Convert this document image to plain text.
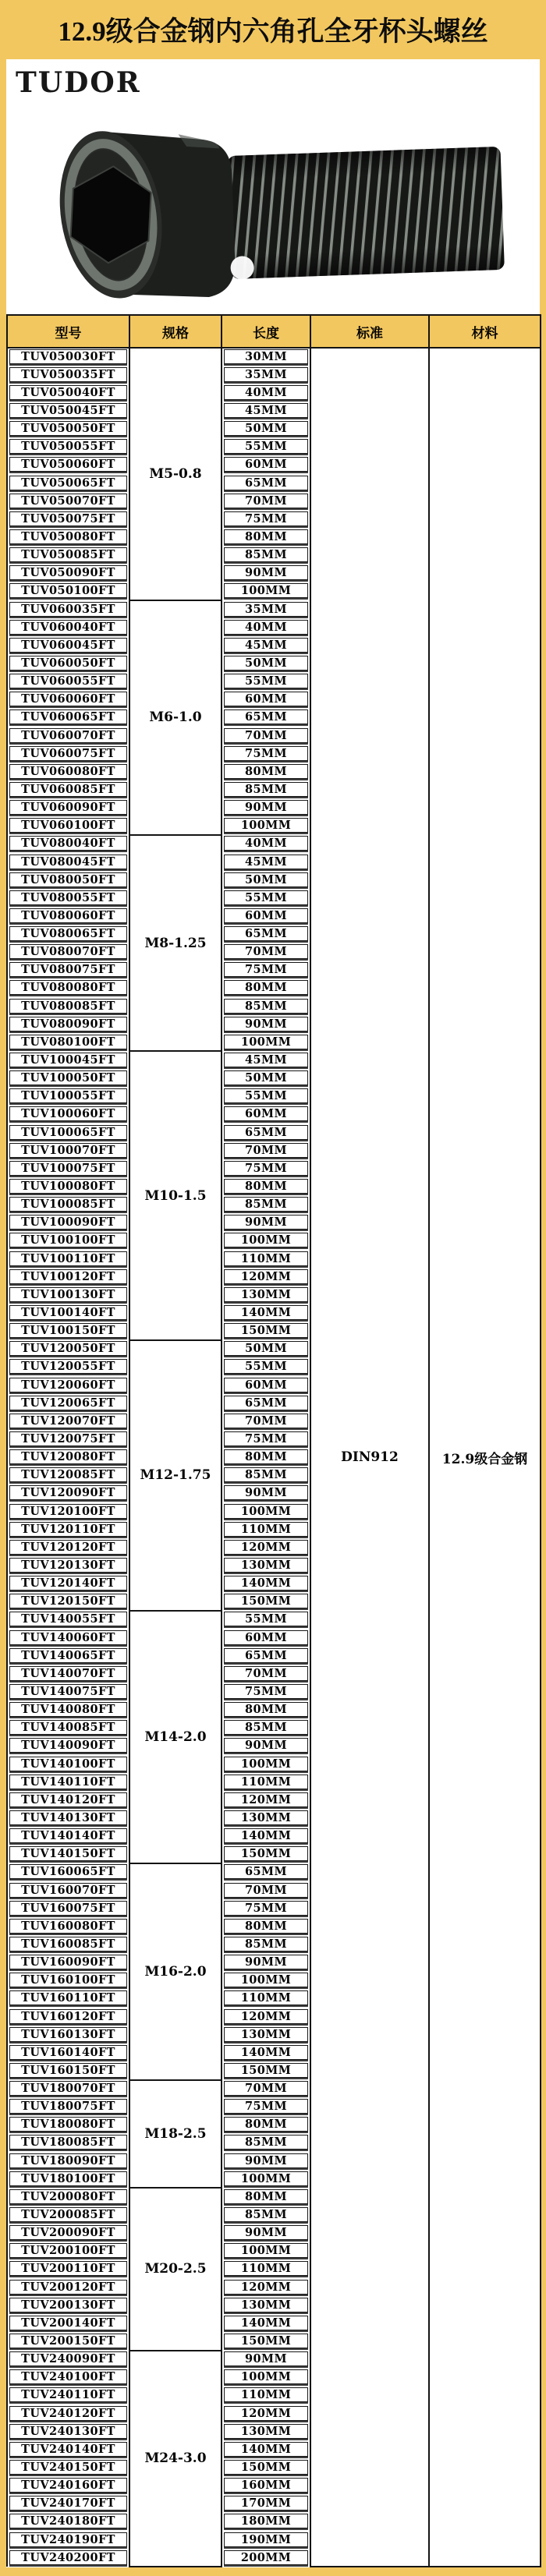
12.9级合金钢内六角孔全牙杯头螺丝
TUDOR
型号	规格	长度	标准	材料

TUV050030FT	M5-0.8	30MM	DIN912	12.9级合金钢

TUV050035FT		35MM		

TUV050040FT		40MM		

TUV050045FT		45MM		

TUV050050FT		50MM		

TUV050055FT		55MM		

TUV050060FT		60MM		

TUV050065FT		65MM		

TUV050070FT		70MM		

TUV050075FT		75MM		

TUV050080FT		80MM		

TUV050085FT		85MM		

TUV050090FT		90MM		

TUV050100FT		100MM		

TUV060035FT	M6-1.0	35MM		

TUV060040FT		40MM		

TUV060045FT		45MM		

TUV060050FT		50MM		

TUV060055FT		55MM		

TUV060060FT		60MM		

TUV060065FT		65MM		

TUV060070FT		70MM		

TUV060075FT		75MM		

TUV060080FT		80MM		

TUV060085FT		85MM		

TUV060090FT		90MM		

TUV060100FT		100MM		

TUV080040FT	M8-1.25	40MM		

TUV080045FT		45MM		

TUV080050FT		50MM		

TUV080055FT		55MM		

TUV080060FT		60MM		

TUV080065FT		65MM		

TUV080070FT		70MM		

TUV080075FT		75MM		

TUV080080FT		80MM		

TUV080085FT		85MM		

TUV080090FT		90MM		

TUV080100FT		100MM		

TUV100045FT	M10-1.5	45MM		

TUV100050FT		50MM		

TUV100055FT		55MM		

TUV100060FT		60MM		

TUV100065FT		65MM		

TUV100070FT		70MM		

TUV100075FT		75MM		

TUV100080FT		80MM		

TUV100085FT		85MM		

TUV100090FT		90MM		

TUV100100FT		100MM		

TUV100110FT		110MM		

TUV100120FT		120MM		

TUV100130FT		130MM		

TUV100140FT		140MM		

TUV100150FT		150MM		

TUV120050FT	M12-1.75	50MM		

TUV120055FT		55MM		

TUV120060FT		60MM		

TUV120065FT		65MM		

TUV120070FT		70MM		

TUV120075FT		75MM		

TUV120080FT		80MM		

TUV120085FT		85MM		

TUV120090FT		90MM		

TUV120100FT		100MM		

TUV120110FT		110MM		

TUV120120FT		120MM		

TUV120130FT		130MM		

TUV120140FT		140MM		

TUV120150FT		150MM		

TUV140055FT	M14-2.0	55MM		

TUV140060FT		60MM		

TUV140065FT		65MM		

TUV140070FT		70MM		

TUV140075FT		75MM		

TUV140080FT		80MM		

TUV140085FT		85MM		

TUV140090FT		90MM		

TUV140100FT		100MM		

TUV140110FT		110MM		

TUV140120FT		120MM		

TUV140130FT		130MM		

TUV140140FT		140MM		

TUV140150FT		150MM		

TUV160065FT	M16-2.0	65MM		

TUV160070FT		70MM		

TUV160075FT		75MM		

TUV160080FT		80MM		

TUV160085FT		85MM		

TUV160090FT		90MM		

TUV160100FT		100MM		

TUV160110FT		110MM		

TUV160120FT		120MM		

TUV160130FT		130MM		

TUV160140FT		140MM		

TUV160150FT		150MM		

TUV180070FT	M18-2.5	70MM		

TUV180075FT		75MM		

TUV180080FT		80MM		

TUV180085FT		85MM		

TUV180090FT		90MM		

TUV180100FT		100MM		

TUV200080FT	M20-2.5	80MM		

TUV200085FT		85MM		

TUV200090FT		90MM		

TUV200100FT		100MM		

TUV200110FT		110MM		

TUV200120FT		120MM		

TUV200130FT		130MM		

TUV200140FT		140MM		

TUV200150FT		150MM		

TUV240090FT	M24-3.0	90MM		

TUV240100FT		100MM		

TUV240110FT		110MM		

TUV240120FT		120MM		

TUV240130FT		130MM		

TUV240140FT		140MM		

TUV240150FT		150MM		

TUV240160FT		160MM		

TUV240170FT		170MM		

TUV240180FT		180MM		

TUV240190FT		190MM		

TUV240200FT		200MM		
